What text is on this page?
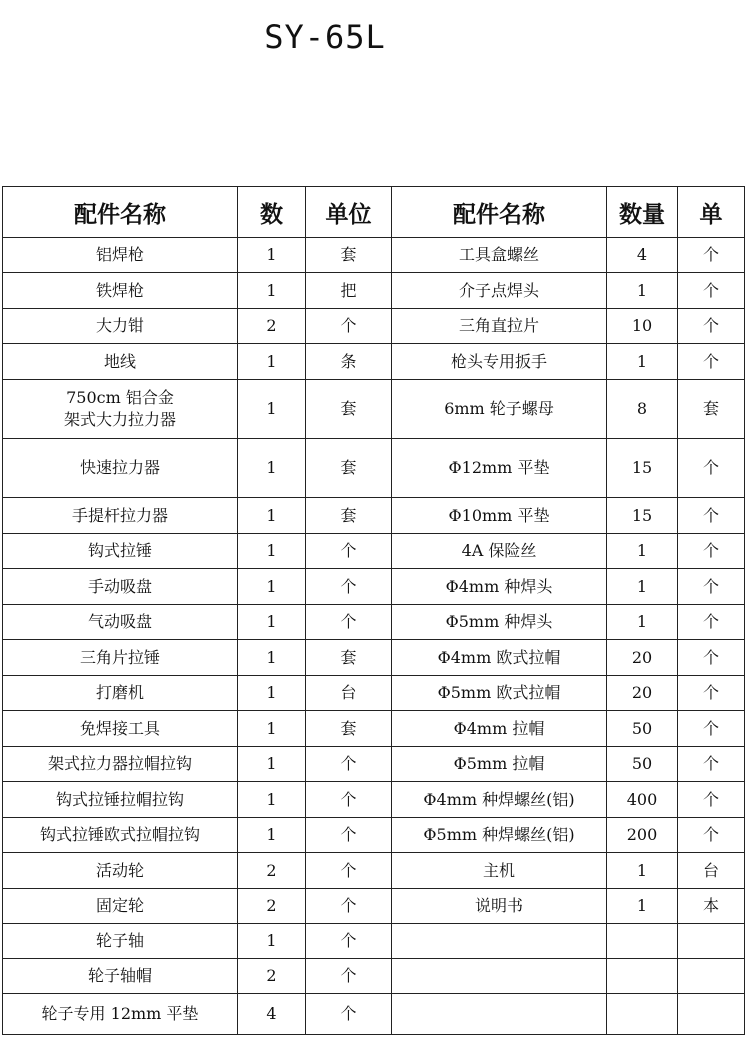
SY-65L
配件名称	数	单位	配件名称	数量	单
铝焊枪	1	套	工具盒螺丝	4	个
铁焊枪	1	把	介子点焊头	1	个
大力钳	2	个	三角直拉片	10	个
地线	1	条	枪头专用扳手	1	个
750cm 铝合金
架式大力拉力器	1	套	6mm 轮子螺母	8	套
快速拉力器	1	套	Φ12mm 平垫	15	个
手提杆拉力器	1	套	Φ10mm 平垫	15	个
钩式拉锤	1	个	4A 保险丝	1	个
手动吸盘	1	个	Φ4mm 种焊头	1	个
气动吸盘	1	个	Φ5mm 种焊头	1	个
三角片拉锤	1	套	Φ4mm 欧式拉帽	20	个
打磨机	1	台	Φ5mm 欧式拉帽	20	个
免焊接工具	1	套	Φ4mm 拉帽	50	个
架式拉力器拉帽拉钩	1	个	Φ5mm 拉帽	50	个
钩式拉锤拉帽拉钩	1	个	Φ4mm 种焊螺丝(铝)	400	个
钩式拉锤欧式拉帽拉钩	1	个	Φ5mm 种焊螺丝(铝)	200	个
活动轮	2	个	主机	1	台
固定轮	2	个	说明书	1	本
轮子轴	1	个			
轮子轴帽	2	个			
轮子专用 12mm 平垫	4	个			
